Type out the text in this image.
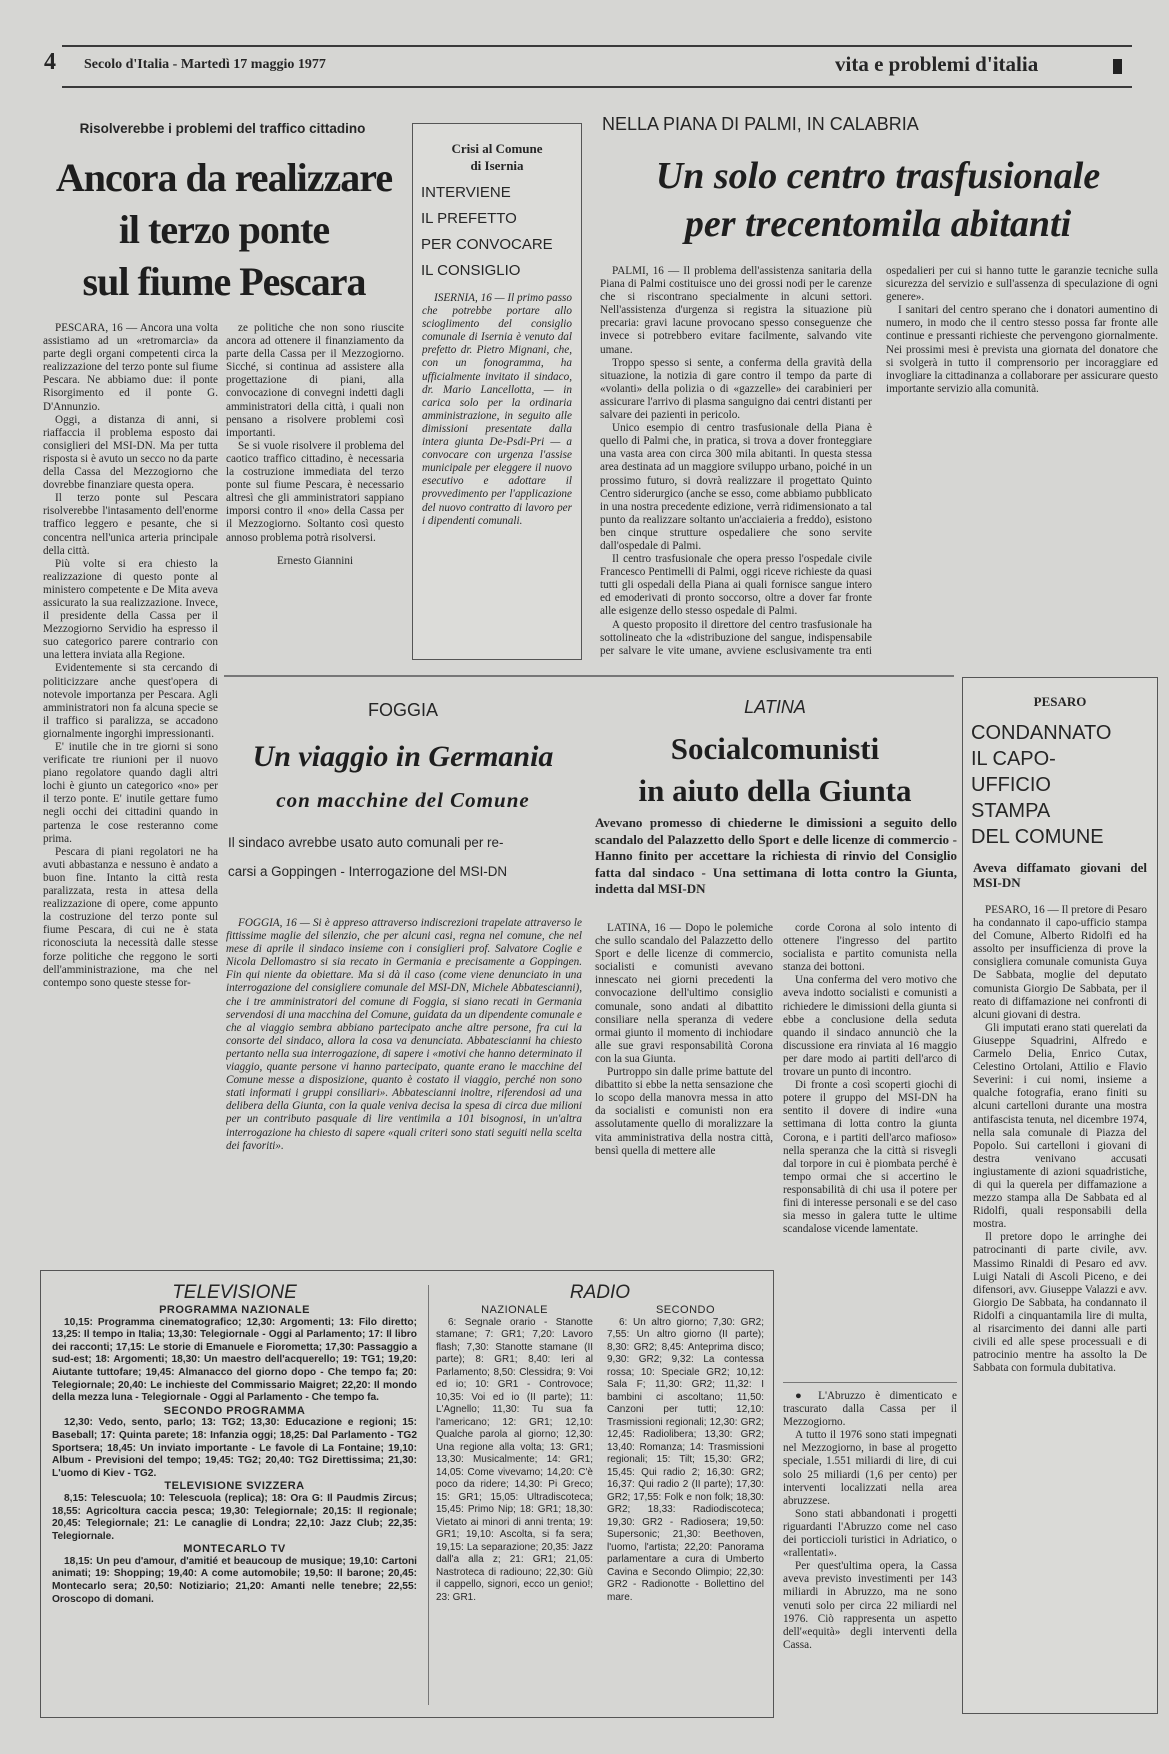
4 Secolo d'Italia - Martedì 17 maggio 1977	vita e problemi d'italia
Risolverebbe i problemi del traffico cittadino
Ancora da realizzare
il terzo ponte
sul fiume Pescara

PESCARA, 16 — Ancora una volta assistiamo ad un «retromarcia» da parte degli organi competenti circa la realizzazione del terzo ponte sul fiume Pescara. Ne abbiamo due: il ponte Risorgimento ed il ponte G. D'Annunzio.

Oggi, a distanza di anni, si riaffaccia il problema esposto dai consiglieri del MSI-DN. Ma per tutta risposta si è avuto un secco no da parte della Cassa del Mezzogiorno che dovrebbe finanziare questa opera.

Il terzo ponte sul Pescara risolverebbe l'intasamento dell'enorme traffico leggero e pesante, che si concentra nell'unica arteria principale della città.

Più volte si era chiesto la realizzazione di questo ponte al ministero competente e De Mita aveva assicurato la sua realizzazione. Invece, il presidente della Cassa per il Mezzogiorno Servidio ha espresso il suo categorico parere contrario con una lettera inviata alla Regione.

Evidentemente si sta cercando di politicizzare anche quest'opera di notevole importanza per Pescara. Agli amministratori non fa alcuna specie se il traffico si paralizza, se accadono giornalmente ingorghi impressionanti.

E' inutile che in tre giorni si sono verificate tre riunioni per il nuovo piano regolatore quando dagli altri lochi è giunto un categorico «no» per il terzo ponte. E' inutile gettare fumo negli occhi dei cittadini quando in partenza le cose resteranno come prima.

Pescara di piani regolatori ne ha avuti abbastanza e nessuno è andato a buon fine. Intanto la città resta paralizzata, resta in attesa della realizzazione di opere, come appunto la costruzione del terzo ponte sul fiume Pescara, di cui ne è stata riconosciuta la necessità dalle stesse forze politiche che reggono le sorti dell'amministrazione, ma che nel contempo sono queste stesse for-

ze politiche che non sono riuscite ancora ad ottenere il finanziamento da parte della Cassa per il Mezzogiorno. Sicché, si continua ad assistere alla progettazione di piani, alla convocazione di convegni indetti dagli amministratori della città, i quali non pensano a risolvere problemi così importanti.

Se si vuole risolvere il problema del caotico traffico cittadino, è necessaria la costruzione immediata del terzo ponte sul fiume Pescara, è necessario altresì che gli amministratori sappiano imporsi contro il «no» della Cassa per il Mezzogiorno. Soltanto così questo annoso problema potrà risolversi.

Ernesto Giannini
Crisi al Comune
di Isernia
INTERVIENE
IL PREFETTO
PER CONVOCARE
IL CONSIGLIO

ISERNIA, 16 — Il primo passo che potrebbe portare allo scioglimento del consiglio comunale di Isernia è venuto dal prefetto dr. Pietro Mignani, che, con un fonogramma, ha ufficialmente invitato il sindaco, dr. Mario Lancellotta, — in carica solo per la ordinaria amministrazione, in seguito alle dimissioni presentate dalla intera giunta De-Psdi-Pri — a convocare con urgenza l'assise municipale per eleggere il nuovo esecutivo e adottare il provvedimento per l'applicazione del nuovo contratto di lavoro per i dipendenti comunali.

NELLA PIANA DI PALMI, IN CALABRIA
Un solo centro trasfusionale
per trecentomila abitanti

PALMI, 16 — Il problema dell'assistenza sanitaria della Piana di Palmi costituisce uno dei grossi nodi per le carenze che si riscontrano specialmente in alcuni settori. Nell'assistenza d'urgenza si registra la situazione più precaria: gravi lacune provocano spesso conseguenze che invece si potrebbero evitare facilmente, salvando vite umane.

Troppo spesso si sente, a conferma della gravità della situazione, la notizia di gare contro il tempo da parte di «volanti» della polizia o di «gazzelle» dei carabinieri per assicurare l'arrivo di plasma sanguigno dai centri distanti per salvare dei pazienti in pericolo.

Unico esempio di centro trasfusionale della Piana è quello di Palmi che, in pratica, si trova a dover fronteggiare una vasta area con circa 300 mila abitanti. In questa stessa area destinata ad un maggiore sviluppo urbano, poiché in un prossimo futuro, si dovrà realizzare il progettato Quinto Centro siderurgico (anche se esso, come abbiamo pubblicato in una nostra precedente edizione, verrà ridimensionato a tal punto da realizzare soltanto un'acciaieria a freddo), esistono ben cinque strutture ospedaliere che sono servite dall'ospedale di Palmi.

Il centro trasfusionale che opera presso l'ospedale civile Francesco Pentimelli di Palmi, oggi riceve richieste da quasi tutti gli ospedali della Piana ai quali fornisce sangue intero ed emoderivati di pronto soccorso, oltre a dover far fronte alle esigenze dello stesso ospedale di Palmi.

A questo proposito il direttore del centro trasfusionale ha sottolineato che la «distribuzione del sangue, indispensabile per salvare le vite umane, avviene esclusivamente tra enti ospedalieri per cui si hanno tutte le garanzie tecniche sulla sicurezza del servizio e sull'assenza di speculazione di ogni genere».

I sanitari del centro sperano che i donatori aumentino di numero, in modo che il centro stesso possa far fronte alle continue e pressanti richieste che pervengono giornalmente. Nei prossimi mesi è prevista una giornata del donatore che si svolgerà in tutto il comprensorio per incoraggiare ed invogliare la cittadinanza a collaborare per assicurare questo importante servizio alla comunità.

FOGGIA
Un viaggio in Germania
con macchine del Comune
Il sindaco avrebbe usato auto comunali per re-
carsi a Goppingen - Interrogazione del MSI-DN

FOGGIA, 16 — Si è appreso attraverso indiscrezioni trapelate attraverso le fittissime maglie del silenzio, che per alcuni casi, regna nel comune, che nel mese di aprile il sindaco insieme con i consiglieri prof. Salvatore Coglie e Nicola Dellomastro si sia recato in Germania e precisamente a Goppingen. Fin qui niente da obiettare. Ma si dà il caso (come viene denunciato in una interrogazione del consigliere comunale del MSI-DN, Michele Abbatescianni), che i tre amministratori del comune di Foggia, si siano recati in Germania servendosi di una macchina del Comune, guidata da un dipendente comunale e che al viaggio sembra abbiano partecipato anche altre persone, fra cui la consorte del sindaco, allora la cosa va denunciata. Abbatescianni ha chiesto pertanto nella sua interrogazione, di sapere i «motivi che hanno determinato il viaggio, quante persone vi hanno partecipato, quante erano le macchine del Comune messe a disposizione, quanto è costato il viaggio, perché non sono stati informati i gruppi consiliari». Abbatescianni inoltre, riferendosi ad una delibera della Giunta, con la quale veniva decisa la spesa di circa due milioni per un contributo pasquale di lire ventimila a 101 bisognosi, in un'altra interrogazione ha chiesto di sapere «quali criteri sono stati seguiti nella scelta dei favoriti».

LATINA
Socialcomunisti
in aiuto della Giunta
Avevano promesso di chiederne le dimissioni a seguito dello scandalo del Palazzetto dello Sport e delle licenze di commercio - Hanno finito per accettare la richiesta di rinvio del Consiglio fatta dal sindaco - Una settimana di lotta contro la Giunta, indetta dal MSI-DN

LATINA, 16 — Dopo le polemiche che sullo scandalo del Palazzetto dello Sport e delle licenze di commercio, socialisti e comunisti avevano innescato nei giorni precedenti la convocazione dell'ultimo consiglio comunale, sono andati al dibattito consiliare nella speranza di vedere ormai giunto il momento di inchiodare alle sue gravi responsabilità Corona con la sua Giunta.

Purtroppo sin dalle prime battute del dibattito si ebbe la netta sensazione che lo scopo della manovra messa in atto da socialisti e comunisti non era assolutamente quello di moralizzare la vita amministrativa della nostra città, bensì quella di mettere alle

corde Corona al solo intento di ottenere l'ingresso del partito socialista e partito comunista nella stanza dei bottoni.

Una conferma del vero motivo che aveva indotto socialisti e comunisti a richiedere le dimissioni della giunta si ebbe a conclusione della seduta quando il sindaco annunciò che la discussione era rinviata al 16 maggio per dare modo ai partiti dell'arco di trovare un punto di incontro.

Di fronte a così scoperti giochi di potere il gruppo del MSI-DN ha sentito il dovere di indire «una settimana di lotta contro la giunta Corona, e i partiti dell'arco mafioso» nella speranza che la città si risvegli dal torpore in cui è piombata perché è tempo ormai che si accertino le responsabilità di chi usa il potere per fini di interesse personali e se del caso sia messo in galera tutte le ultime scandalose vicende lamentate.

● L'Abruzzo è dimenticato e trascurato dalla Cassa per il Mezzogiorno.

A tutto il 1976 sono stati impegnati nel Mezzogiorno, in base al progetto speciale, 1.551 miliardi di lire, di cui solo 25 miliardi (1,6 per cento) per interventi localizzati nella area abruzzese.

Sono stati abbandonati i progetti riguardanti l'Abruzzo come nel caso dei porticcioli turistici in Adriatico, o «rallentati».

Per quest'ultima opera, la Cassa aveva previsto investimenti per 143 miliardi in Abruzzo, ma ne sono venuti solo per circa 22 miliardi nel 1976. Ciò rappresenta un aspetto dell'«equità» degli interventi della Cassa.

PESARO
CONDANNATO
IL CAPO-
UFFICIO
STAMPA
DEL COMUNE
Aveva diffamato giovani del MSI-DN

PESARO, 16 — Il pretore di Pesaro ha condannato il capo-ufficio stampa del Comune, Alberto Ridolfi ed ha assolto per insufficienza di prove la consigliera comunale comunista Guya De Sabbata, moglie del deputato comunista Giorgio De Sabbata, per il reato di diffamazione nei confronti di alcuni giovani di destra.

Gli imputati erano stati querelati da Giuseppe Squadrini, Alfredo e Carmelo Delia, Enrico Cutax, Celestino Ortolani, Attilio e Flavio Severini: i cui nomi, insieme a qualche fotografia, erano finiti su alcuni cartelloni durante una mostra antifascista tenuta, nel dicembre 1974, nella sala comunale di Piazza del Popolo. Sui cartelloni i giovani di destra venivano accusati ingiustamente di azioni squadristiche, di qui la querela per diffamazione a mezzo stampa alla De Sabbata ed al Ridolfi, quali responsabili della mostra.

Il pretore dopo le arringhe dei patrocinanti di parte civile, avv. Massimo Rinaldi di Pesaro ed avv. Luigi Natali di Ascoli Piceno, e dei difensori, avv. Giuseppe Valazzi e avv. Giorgio De Sabbata, ha condannato il Ridolfi a cinquantamila lire di multa, al risarcimento dei danni alle parti civili ed alle spese processuali e di patrocinio mentre ha assolto la De Sabbata con formula dubitativa.

TELEVISIONE
PROGRAMMA NAZIONALE

10,15: Programma cinematografico; 12,30: Argomenti; 13: Filo diretto; 13,25: Il tempo in Italia; 13,30: Telegiornale - Oggi al Parlamento; 17: Il libro dei racconti; 17,15: Le storie di Emanuele e Fiorometta; 17,30: Passaggio a sud-est; 18: Argomenti; 18,30: Un maestro dell'acquerello; 19: TG1; 19,20: Aiutante tuttofare; 19,45: Almanacco del giorno dopo - Che tempo fa; 20: Telegiornale; 20,40: Le inchieste del Commissario Maigret; 22,20: Il mondo della mezza luna - Telegiornale - Oggi al Parlamento - Che tempo fa.

SECONDO PROGRAMMA

12,30: Vedo, sento, parlo; 13: TG2; 13,30: Educazione e regioni; 15: Baseball; 17: Quinta parete; 18: Infanzia oggi; 18,25: Dal Parlamento - TG2 Sportsera; 18,45: Un inviato importante - Le favole di La Fontaine; 19,10: Album - Previsioni del tempo; 19,45: TG2; 20,40: TG2 Direttissima; 21,30: L'uomo di Kiev - TG2.

TELEVISIONE SVIZZERA

8,15: Telescuola; 10: Telescuola (replica); 18: Ora G: Il Paudmis Zircus; 18,55: Agricoltura caccia pesca; 19,30: Telegiornale; 20,15: Il regionale; 20,45: Telegiornale; 21: Le canaglie di Londra; 22,10: Jazz Club; 22,35: Telegiornale.

MONTECARLO TV

18,15: Un peu d'amour, d'amitié et beaucoup de musique; 19,10: Cartoni animati; 19: Shopping; 19,40: A come automobile; 19,50: Il barone; 20,45: Montecarlo sera; 20,50: Notiziario; 21,20: Amanti nelle tenebre; 22,55: Oroscopo di domani.

RADIO
NAZIONALE

6: Segnale orario - Stanotte stamane; 7: GR1; 7,20: Lavoro flash; 7,30: Stanotte stamane (II parte); 8: GR1; 8,40: Ieri al Parlamento; 8,50: Clessidra; 9: Voi ed io; 10: GR1 - Controvoce; 10,35: Voi ed io (II parte); 11: L'Agnello; 11,30: Tu sua fa l'americano; 12: GR1; 12,10: Qualche parola al giorno; 12,30: Una regione alla volta; 13: GR1; 13,30: Musicalmente; 14: GR1; 14,05: Come vivevamo; 14,20: C'è poco da ridere; 14,30: Pi Greco; 15: GR1; 15,05: Ultradiscoteca; 15,45: Primo Nip; 18: GR1; 18,30: Vietato ai minori di anni trenta; 19: GR1; 19,10: Ascolta, si fa sera; 19,15: La separazione; 20,35: Jazz dall'a alla z; 21: GR1; 21,05: Nastroteca di radiouno; 22,30: Giù il cappello, signori, ecco un genio!; 23: GR1.

SECONDO

6: Un altro giorno; 7,30: GR2; 7,55: Un altro giorno (II parte); 8,30: GR2; 8,45: Anteprima disco; 9,30: GR2; 9,32: La contessa rossa; 10: Speciale GR2; 10,12: Sala F; 11,30: GR2; 11,32: I bambini ci ascoltano; 11,50: Canzoni per tutti; 12,10: Trasmissioni regionali; 12,30: GR2; 12,45: Radiolibera; 13,30: GR2; 13,40: Romanza; 14: Trasmissioni regionali; 15: Tilt; 15,30: GR2; 15,45: Qui radio 2; 16,30: GR2; 16,37: Qui radio 2 (II parte); 17,30: GR2; 17,55: Folk e non folk; 18,30: GR2; 18,33: Radiodiscoteca; 19,30: GR2 - Radiosera; 19,50: Supersonic; 21,30: Beethoven, l'uomo, l'artista; 22,20: Panorama parlamentare a cura di Umberto Cavina e Secondo Olimpio; 22,30: GR2 - Radionotte - Bollettino del mare.
